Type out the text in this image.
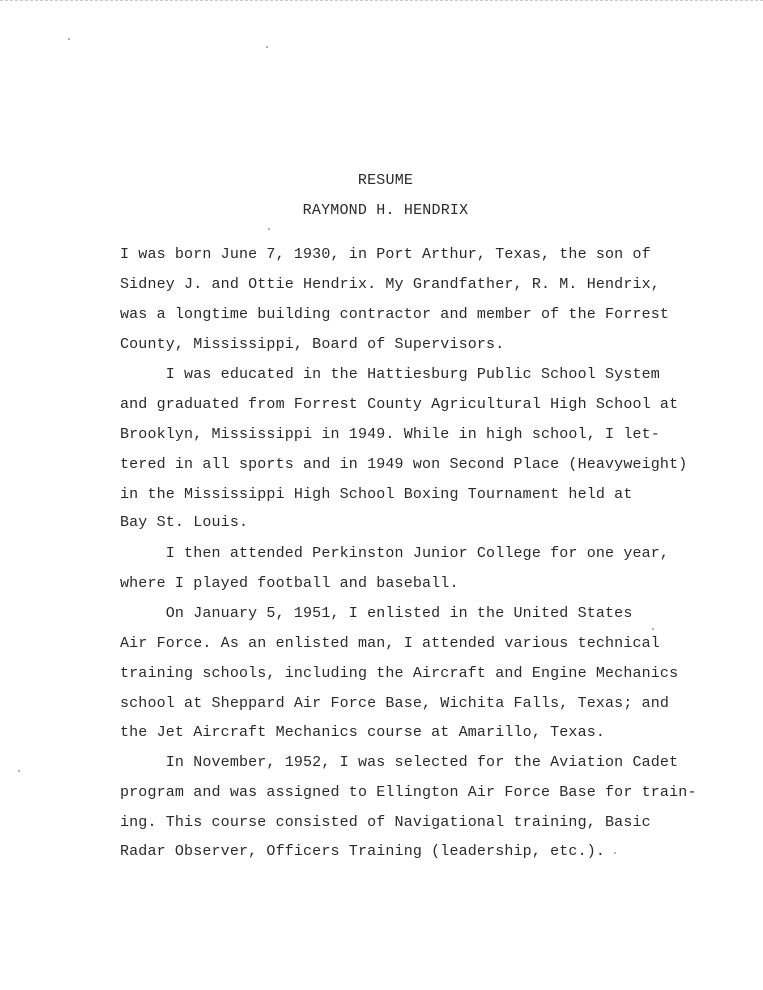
RESUME
RAYMOND H. HENDRIX
I was born June 7, 1930, in Port Arthur, Texas, the son of
Sidney J. and Ottie Hendrix. My Grandfather, R. M. Hendrix,
was a longtime building contractor and member of the Forrest
County, Mississippi, Board of Supervisors.
I was educated in the Hattiesburg Public School System
and graduated from Forrest County Agricultural High School at
Brooklyn, Mississippi in 1949. While in high school, I let-
tered in all sports and in 1949 won Second Place (Heavyweight)
in the Mississippi High School Boxing Tournament held at
Bay St. Louis.
I then attended Perkinston Junior College for one year,
where I played football and baseball.
On January 5, 1951, I enlisted in the United States
Air Force. As an enlisted man, I attended various technical
training schools, including the Aircraft and Engine Mechanics
school at Sheppard Air Force Base, Wichita Falls, Texas; and
the Jet Aircraft Mechanics course at Amarillo, Texas.
In November, 1952, I was selected for the Aviation Cadet
program and was assigned to Ellington Air Force Base for train-
ing. This course consisted of Navigational training, Basic
Radar Observer, Officers Training (leadership, etc.).
